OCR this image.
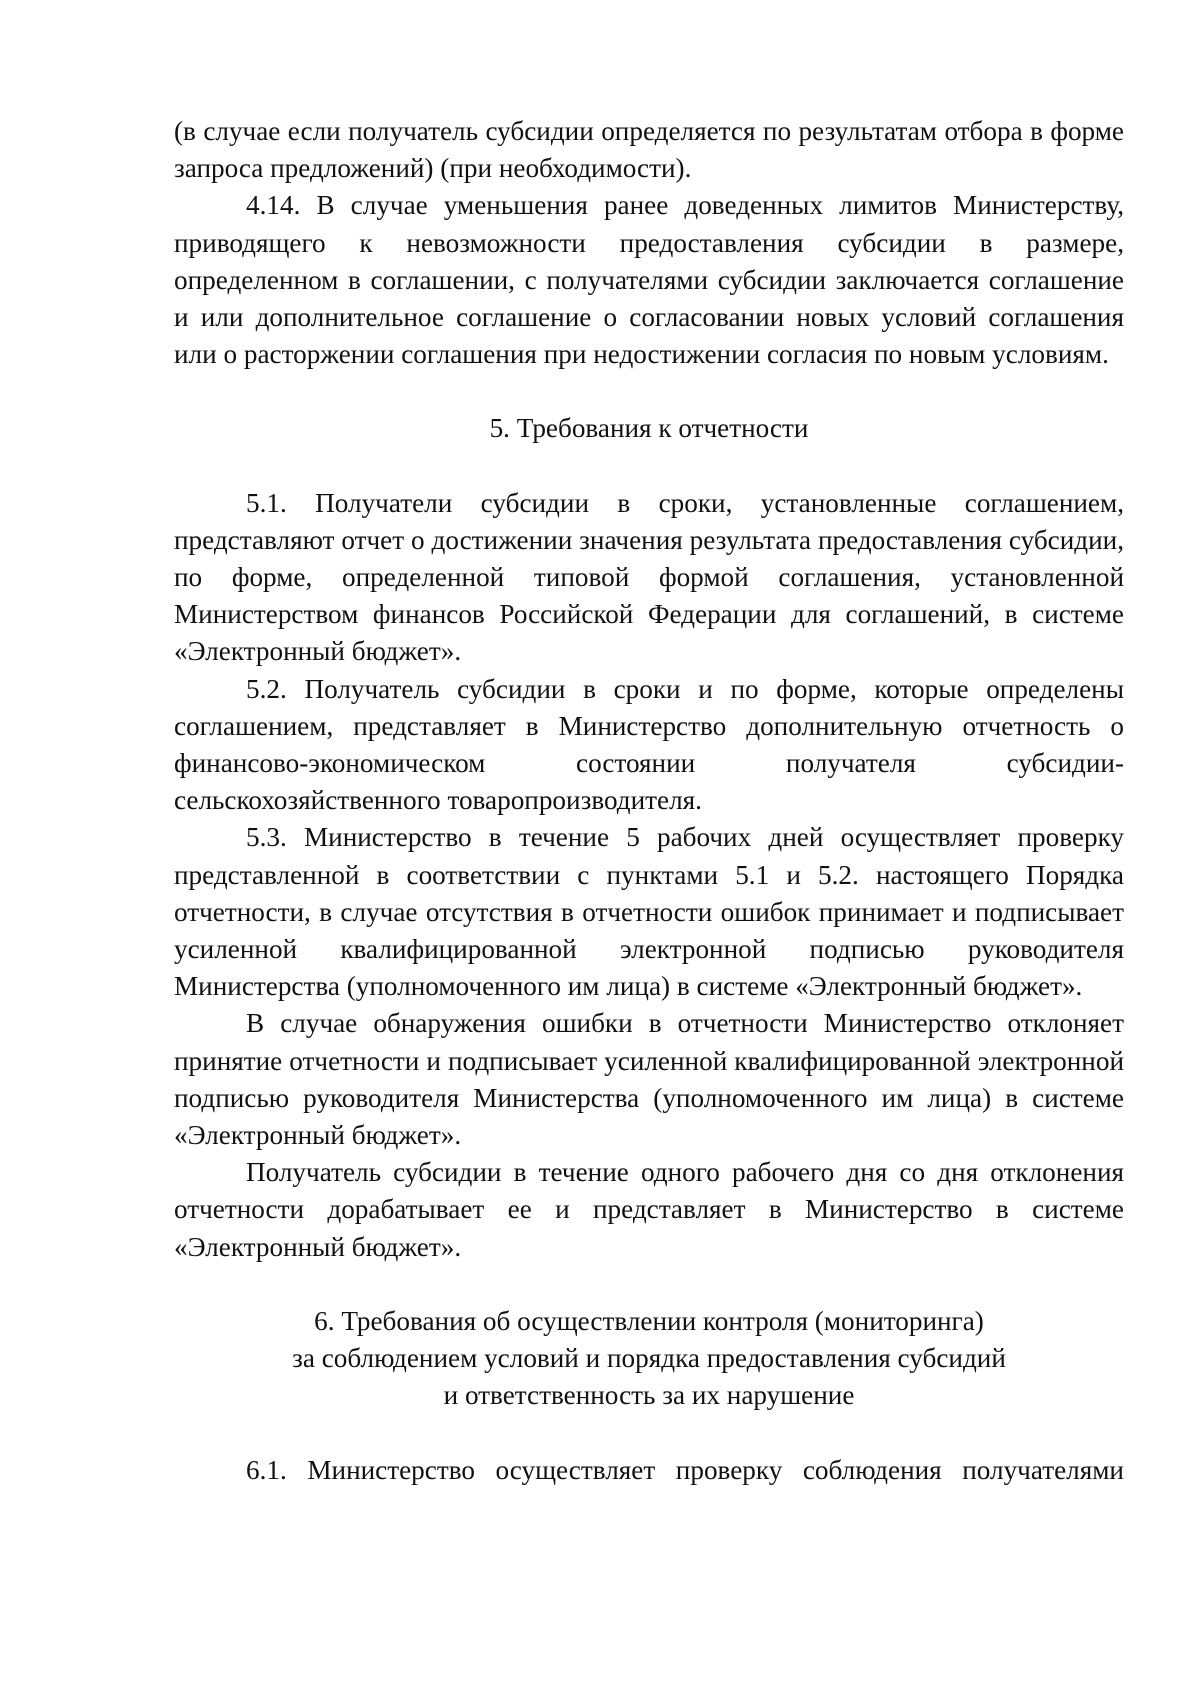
(в случае если получатель субсидии определяется по результатам отбора в форме запроса предложений) (при необходимости).

4.14. В случае уменьшения ранее доведенных лимитов Министерству, приводящего к невозможности предоставления субсидии в размере, определенном в соглашении, с получателями субсидии заключается соглашение и или дополнительное соглашение о согласовании новых условий соглашения или о расторжении соглашения при недостижении согласия по новым условиям.

5. Требования к отчетности

5.1. Получатели субсидии в сроки, установленные соглашением, представляют отчет о достижении значения результата предоставления субсидии, по форме, определенной типовой формой соглашения, установленной Министерством финансов Российской Федерации для соглашений, в системе «Электронный бюджет».

5.2. Получатель субсидии в сроки и по форме, которые определены соглашением, представляет в Министерство дополнительную отчетность о финансово-экономическом состоянии получателя субсидии-сельскохозяйственного товаропроизводителя.

5.3. Министерство в течение 5 рабочих дней осуществляет проверку представленной в соответствии с пунктами 5.1 и 5.2. настоящего Порядка отчетности, в случае отсутствия в отчетности ошибок принимает и подписывает усиленной квалифицированной электронной подписью руководителя Министерства (уполномоченного им лица) в системе «Электронный бюджет».

В случае обнаружения ошибки в отчетности Министерство отклоняет принятие отчетности и подписывает усиленной квалифицированной электронной подписью руководителя Министерства (уполномоченного им лица) в системе «Электронный бюджет».

Получатель субсидии в течение одного рабочего дня со дня отклонения отчетности дорабатывает ее и представляет в Министерство в системе «Электронный бюджет».

6. Требования об осуществлении контроля (мониторинга)
за соблюдением условий и порядка предоставления субсидий
и ответственность за их нарушение

6.1. Министерство осуществляет проверку соблюдения получателями
